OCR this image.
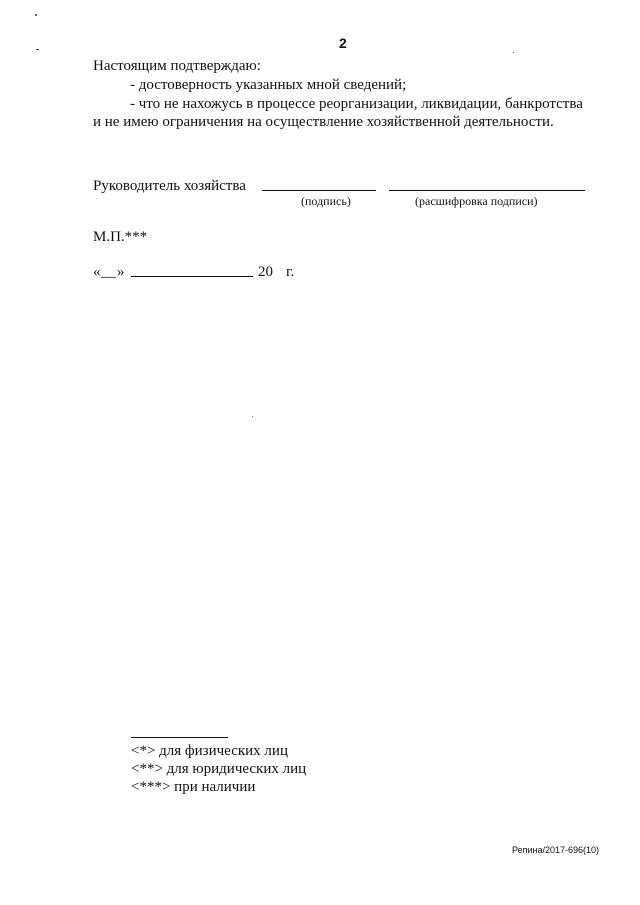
2
Настоящим подтверждаю:
- достоверность указанных мной сведений;
- что не нахожусь в процессе реорганизации, ликвидации, банкротства
и не имею ограничения на осуществление хозяйственной деятельности.
Руководитель хозяйства
(подпись)	(расшифровка подписи)
М.П.***
« __ »	20 г.
<*> для физических лиц
<**> для юридических лиц
<***> при наличии
Репина/2017-696(10)
